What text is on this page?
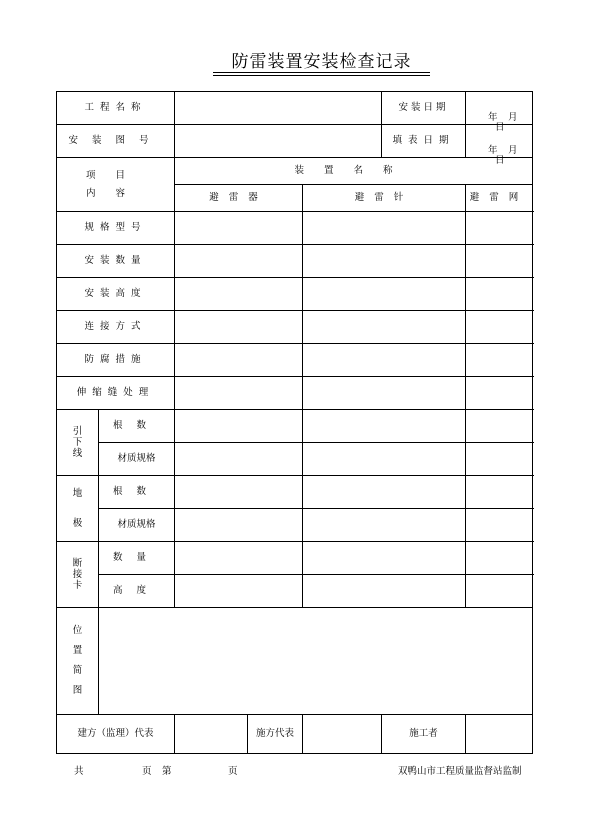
防雷装置安装检查记录
工程名称					安装日期	年 月
日

安装图号					填表日期	年 月
日

项目
内容		装置名称				
		避雷器		避雷针		避雷网
规格型号						
安装数量						
安装高度						
连接方式						
防腐措施						
伸缩缝处理						

引下线	根数					
	材质规格					

地
极	根数					
	材质规格					

断接卡	数量					
	高度					

位置简图						

建方（监理）代表			施方代表		施工者	
共	页 第	页	双鸭山市工程质量监督站监制
